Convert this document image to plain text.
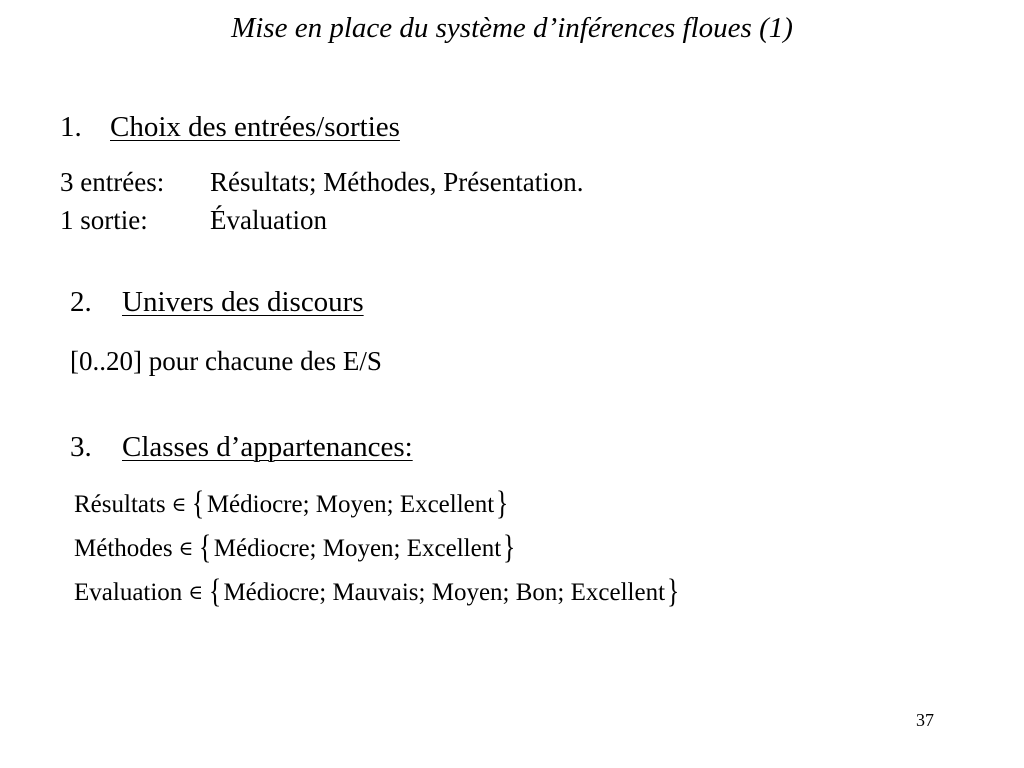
Mise en place du système d’inférences floues (1)
1. Choix des entrées/sorties
3 entrées:	Résultats; Méthodes, Présentation.
1 sortie:	Évaluation
2. Univers des discours
[0..20] pour chacune des E/S
3. Classes d’appartenances:
Résultats ∈ {Médiocre; Moyen; Excellent}
Méthodes ∈ {Médiocre; Moyen; Excellent}
Evaluation ∈ {Médiocre; Mauvais; Moyen; Bon; Excellent}
37
